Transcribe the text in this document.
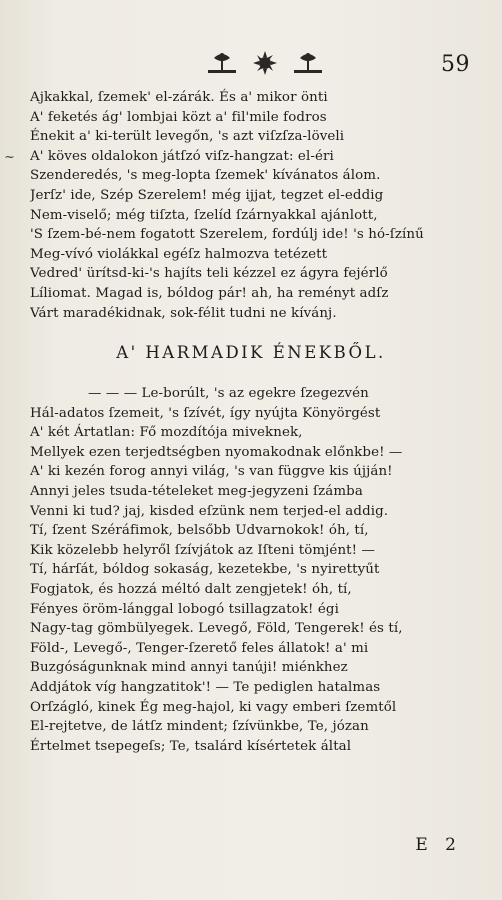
59
~
Ajkakkal, ſzemek' el-zárák. És a' mikor önti
A' feketés ág' lombjai közt a' fil'mile fodros
Énekit a' ki-terült levegőn, 's azt viſzſza-löveli
A' köves oldalokon játſzó viſz-hangzat: el-éri
Szenderedés, 's meg-lopta ſzemek' kívánatos álom.
Jerſz' ide, Szép Szerelem! még ijjat, tegzet el-eddig
Nem-viselő; még tiſzta, ſzelíd ſzárnyakkal ajánlott,
'S ſzem-bé-nem fogatott Szerelem, fordúlj ide! 's hó-ſzínű
Meg-vívó violákkal egéſz halmozva tetézett
Vedred' ürítsd-ki-'s hajíts teli kézzel ez ágyra fejérlő
Líliomat. Magad is, bóldog pár! ah, ha reményt adſz
Várt maradékidnak, sok-félit tudni ne kívánj.
A' HARMADIK ÉNEKBŐL.
— — — Le-borúlt, 's az egekre ſzegezvén
Hál-adatos ſzemeit, 's ſzívét, így nyújta Könyörgést
A' két Ártatlan: Fő mozdítója miveknek,
Mellyek ezen terjedtségben nyomakodnak előnkbe! —
A' ki kezén forog annyi világ, 's van függve kis újján!
Annyi jeles tsuda-tételeket meg-jegyzeni ſzámba
Venni ki tud? jaj, kisded eſzünk nem terjed-el addig.
Tí, ſzent Széráfimok, belsőbb Udvarnokok! óh, tí,
Kik közelebb helyről ſzívjátok az Iſteni tömjént! —
Tí, hárſát, bóldog sokaság, kezetekbe, 's nyirettyűt
Fogjatok, és hozzá méltó dalt zengjetek! óh, tí,
Fényes öröm-lánggal lobogó tsillagzatok! égi
Nagy-tag gömbülyegek. Levegő, Föld, Tengerek! és tí,
Föld-, Levegő-, Tenger-ſzerető feles állatok! a' mi
Buzgóságunknak mind annyi tanúji! miénkhez
Addjátok víg hangzatitok'! — Te pediglen hatalmas
Orſzágló, kinek Ég meg-hajol, ki vagy emberi ſzemtől
El-rejtetve, de látſz mindent; ſzívünkbe, Te, józan
Értelmet tsepegeſs; Te, tsalárd kísértetek által
E 2
